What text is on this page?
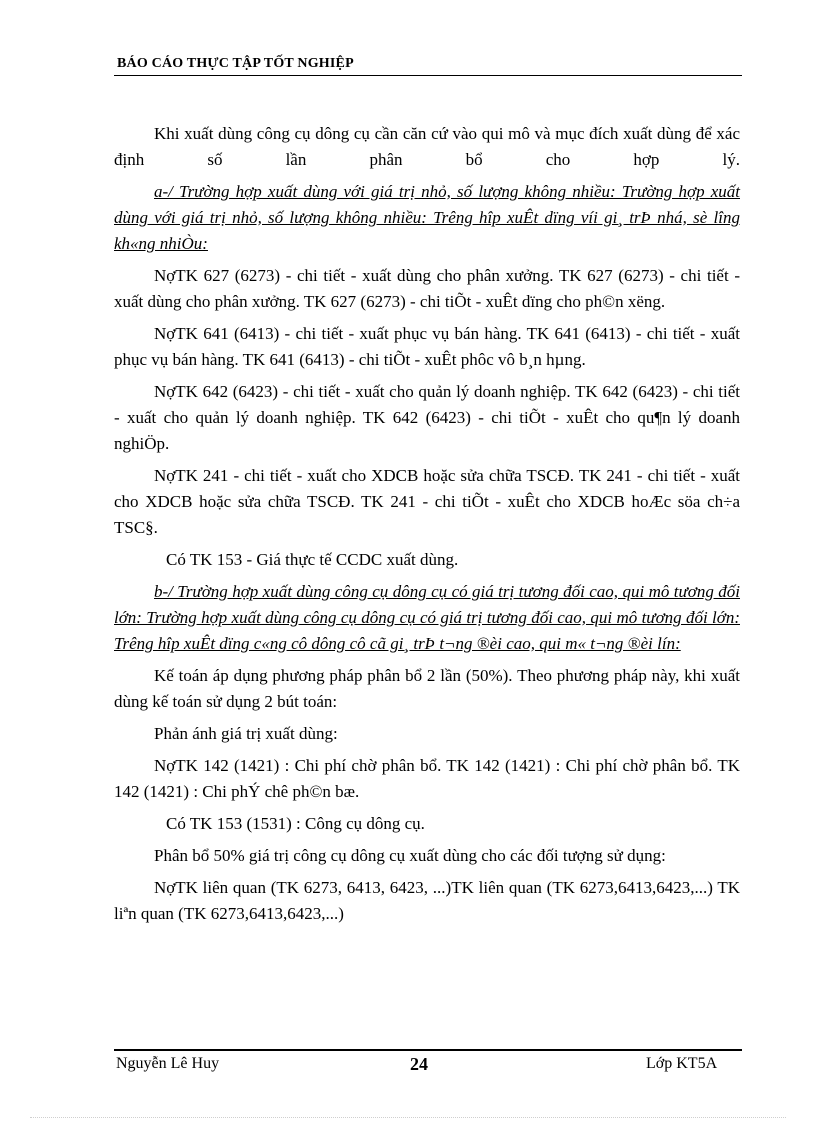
BÁO CÁO THỰC TẬP TỐT NGHIỆP

Khi xuất dùng công cụ dông cụ cần căn cứ vào qui mô và mục đích xuất dùng để xác định số lần phân bổ cho hợp lý.

a-/ Trường hợp xuất dùng với giá trị nhỏ, số lượng không nhiều: Trường hợp xuất dùng với giá trị nhỏ, số lượng không nhiều: Trêng hîp xuÊt dïng víi gi¸ trÞ nhá, sè lîng kh«ng nhiÒu:

NợTK 627 (6273) - chi tiết - xuất dùng cho phân xưởng. TK 627 (6273) - chi tiết - xuất dùng cho phân xưởng. TK 627 (6273) - chi tiÕt - xuÊt dïng cho ph©n xëng.

NợTK 641 (6413) - chi tiết - xuất phục vụ bán hàng. TK 641 (6413) - chi tiết - xuất phục vụ bán hàng. TK 641 (6413) - chi tiÕt - xuÊt phôc vô b¸n hµng.

NợTK 642 (6423) - chi tiết - xuất cho quản lý doanh nghiệp. TK 642 (6423) - chi tiết - xuất cho quản lý doanh nghiệp. TK 642 (6423) - chi tiÕt - xuÊt cho qu¶n lý doanh nghiÖp.

NợTK 241 - chi tiết - xuất cho XDCB hoặc sửa chữa TSCĐ. TK 241 - chi tiết - xuất cho XDCB hoặc sửa chữa TSCĐ. TK 241 - chi tiÕt - xuÊt cho XDCB hoÆc söa ch÷a TSC§.

Có TK 153 - Giá thực tế CCDC xuất dùng.

b-/ Trường hợp xuất dùng công cụ dông cụ có giá trị tương đối cao, qui mô tương đối lớn: Trường hợp xuất dùng công cụ dông cụ có giá trị tương đối cao, qui mô tương đối lớn: Trêng hîp xuÊt dïng c«ng cô dông cô cã gi¸ trÞ t¬ng ®èi cao, qui m« t¬ng ®èi lín:

Kế toán áp dụng phương pháp phân bổ 2 lần (50%). Theo phương pháp này, khi xuất dùng kế toán sử dụng 2 bút toán:

Phản ánh giá trị xuất dùng:

NợTK 142 (1421) : Chi phí chờ phân bổ. TK 142 (1421) : Chi phí chờ phân bổ. TK 142 (1421) : Chi phÝ chê ph©n bæ.

Có TK 153 (1531) : Công cụ dông cụ.

Phân bổ 50% giá trị công cụ dông cụ xuất dùng cho các đối tượng sử dụng:

NợTK liên quan (TK 6273, 6413, 6423, ...)TK liên quan (TK 6273,6413,6423,...) TK liªn quan (TK 6273,6413,6423,...)

Nguyễn Lê Huy	24	Lớp KT5A
